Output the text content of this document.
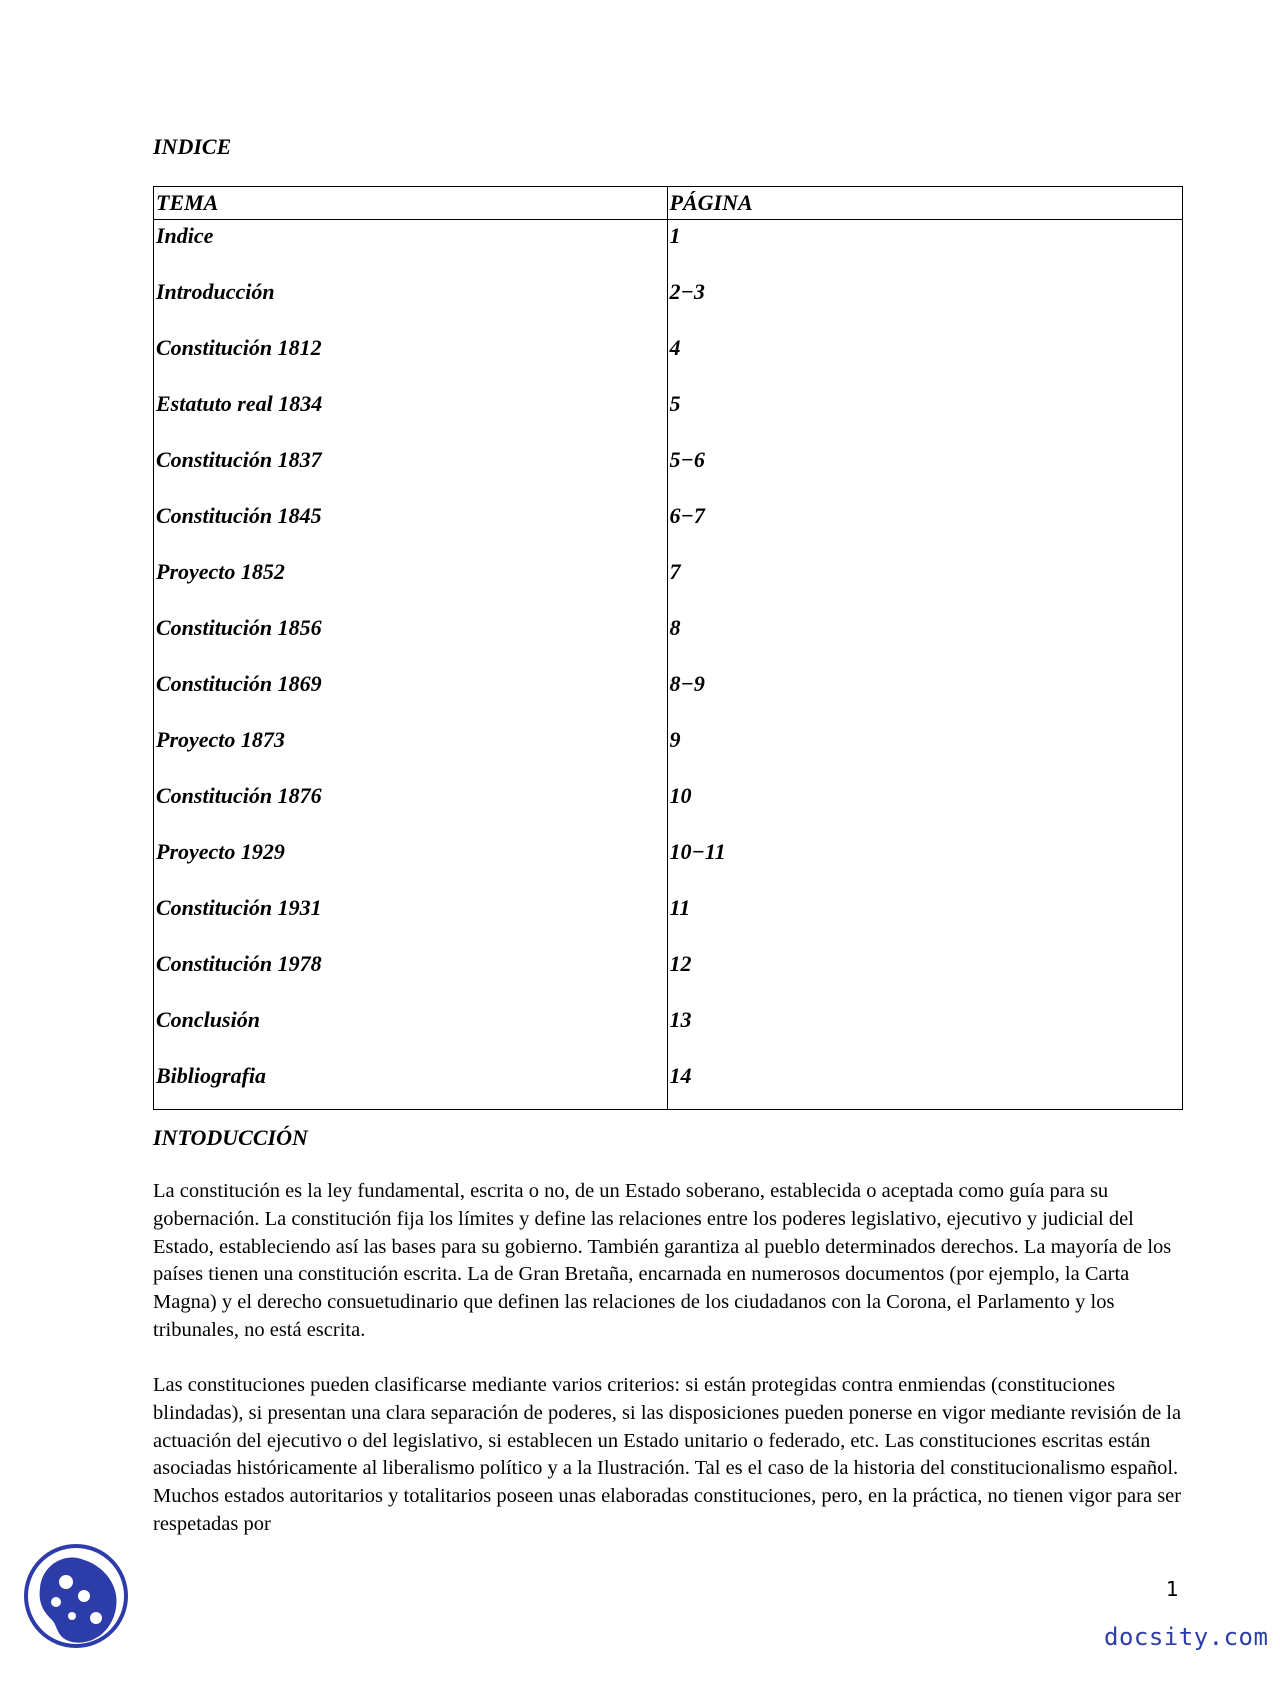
INDICE
TEMA	PÁGINA
Indice	1
Introducción	2−3
Constitución 1812	4
Estatuto real 1834	5
Constitución 1837	5−6
Constitución 1845	6−7
Proyecto 1852	7
Constitución 1856	8
Constitución 1869	8−9
Proyecto 1873	9
Constitución 1876	10
Proyecto 1929	10−11
Constitución 1931	11
Constitución 1978	12
Conclusión	13
Bibliografia	14
INTODUCCIÓN

La constitución es la ley fundamental, escrita o no, de un Estado soberano, establecida o aceptada como guía para su gobernación. La constitución fija los límites y define las relaciones entre los poderes legislativo, ejecutivo y judicial del Estado, estableciendo así las bases para su gobierno. También garantiza al pueblo determinados derechos. La mayoría de los países tienen una constitución escrita. La de Gran Bretaña, encarnada en numerosos documentos (por ejemplo, la Carta Magna) y el derecho consuetudinario que definen las relaciones de los ciudadanos con la Corona, el Parlamento y los tribunales, no está escrita.

Las constituciones pueden clasificarse mediante varios criterios: si están protegidas contra enmiendas (constituciones blindadas), si presentan una clara separación de poderes, si las disposiciones pueden ponerse en vigor mediante revisión de la actuación del ejecutivo o del legislativo, si establecen un Estado unitario o federado, etc. Las constituciones escritas están asociadas históricamente al liberalismo político y a la Ilustración. Tal es el caso de la historia del constitucionalismo español. Muchos estados autoritarios y totalitarios poseen unas elaboradas constituciones, pero, en la práctica, no tienen vigor para ser respetadas por

1
docsity.com
